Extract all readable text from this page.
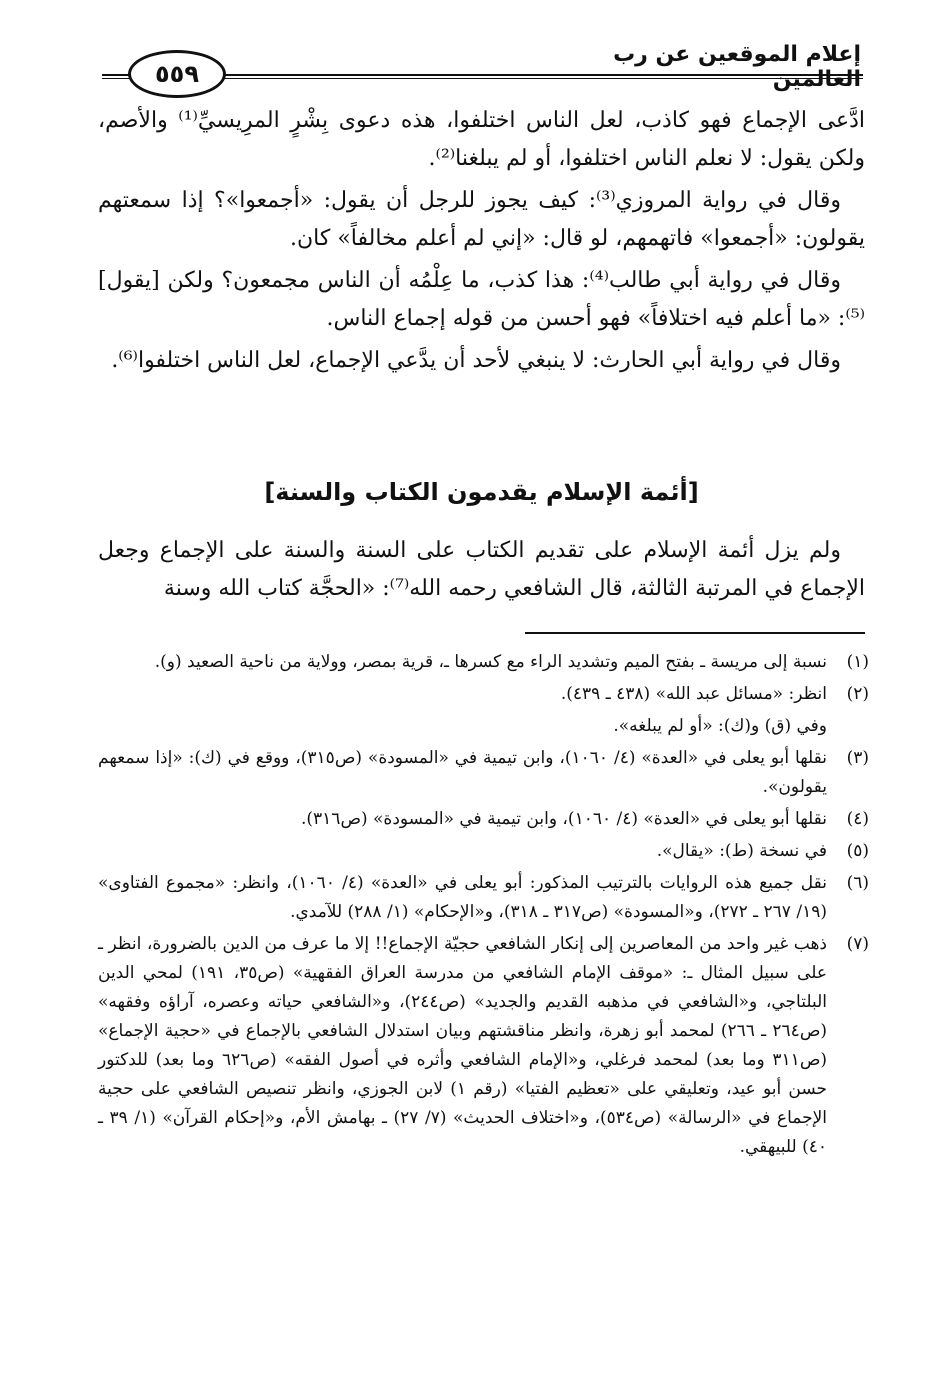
إعلام الموقعين عن رب العالمين
٥٥٩

ادَّعى الإجماع فهو كاذب، لعل الناس اختلفوا، هذه دعوى بِشْرٍ المرِيسيِّ⁽¹⁾ والأصم، ولكن يقول: لا نعلم الناس اختلفوا، أو لم يبلغنا⁽²⁾.

وقال في رواية المروزي⁽³⁾: كيف يجوز للرجل أن يقول: «أجمعوا»؟ إذا سمعتهم يقولون: «أجمعوا» فاتهمهم، لو قال: «إني لم أعلم مخالفاً» كان.

وقال في رواية أبي طالب⁽⁴⁾: هذا كذب، ما عِلْمُه أن الناس مجمعون؟ ولكن [يقول]⁽⁵⁾: «ما أعلم فيه اختلافاً» فهو أحسن من قوله إجماع الناس.

وقال في رواية أبي الحارث: لا ينبغي لأحد أن يدَّعي الإجماع، لعل الناس اختلفوا⁽⁶⁾.

[أئمة الإسلام يقدمون الكتاب والسنة]

ولم يزل أئمة الإسلام على تقديم الكتاب على السنة والسنة على الإجماع وجعل الإجماع في المرتبة الثالثة، قال الشافعي رحمه الله⁽⁷⁾: «الحجَّة كتاب الله وسنة

(١)
نسبة إلى مريسة ـ بفتح الميم وتشديد الراء مع كسرها ـ، قرية بمصر، وولاية من ناحية الصعيد (و).
(٢)
انظر: «مسائل عبد الله» (٤٣٨ ـ ٤٣٩).
وفي (ق) و(ك): «أو لم يبلغه».
(٣)
نقلها أبو يعلى في «العدة» (٤/ ١٠٦٠)، وابن تيمية في «المسودة» (ص٣١٥)، ووقع في (ك): «إذا سمعهم يقولون».
(٤)
نقلها أبو يعلى في «العدة» (٤/ ١٠٦٠)، وابن تيمية في «المسودة» (ص٣١٦).
(٥)
في نسخة (ط): «يقال».
(٦)
نقل جميع هذه الروايات بالترتيب المذكور: أبو يعلى في «العدة» (٤/ ١٠٦٠)، وانظر: «مجموع الفتاوى» (١٩/ ٢٦٧ ـ ٢٧٢)، و«المسودة» (ص٣١٧ ـ ٣١٨)، و«الإحكام» (١/ ٢٨٨) للآمدي.
(٧)
ذهب غير واحد من المعاصرين إلى إنكار الشافعي حجيّة الإجماع!! إلا ما عرف من الدين بالضرورة، انظر ـ على سبيل المثال ـ: «موقف الإمام الشافعي من مدرسة العراق الفقهية» (ص٣٥، ١٩١) لمحي الدين البلتاجي، و«الشافعي في مذهبه القديم والجديد» (ص٢٤٤)، و«الشافعي حياته وعصره، آراؤه وفقهه» (ص٢٦٤ ـ ٢٦٦) لمحمد أبو زهرة، وانظر مناقشتهم وبيان استدلال الشافعي بالإجماع في «حجية الإجماع» (ص٣١١ وما بعد) لمحمد فرغلي، و«الإمام الشافعي وأثره في أصول الفقه» (ص٦٢٦ وما بعد) للدكتور حسن أبو عيد، وتعليقي على «تعظيم الفتيا» (رقم ١) لابن الجوزي، وانظر تنصيص الشافعي على حجية الإجماع في «الرسالة» (ص٥٣٤)، و«اختلاف الحديث» (٧/ ٢٧) ـ بهامش الأم، و«إحكام القرآن» (١/ ٣٩ ـ ٤٠) للبيهقي.
